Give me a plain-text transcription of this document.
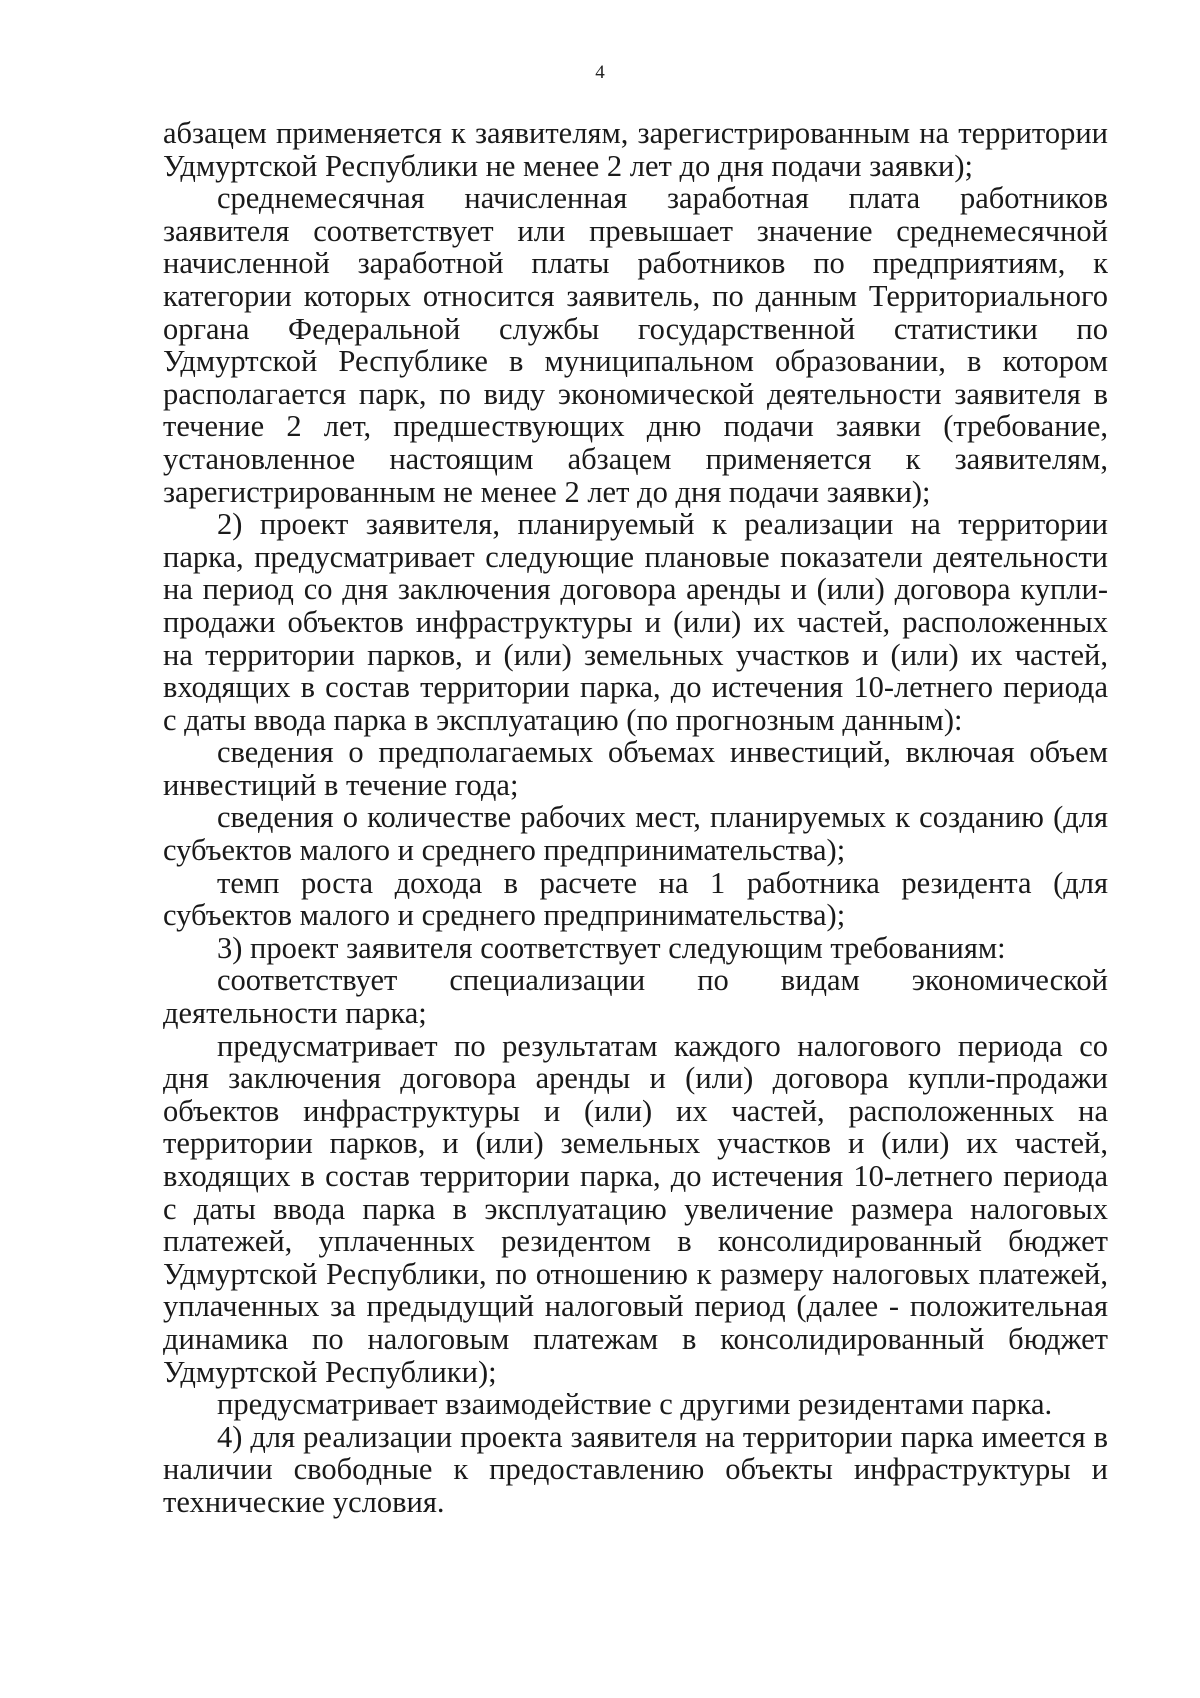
4

абзацем применяется к заявителям, зарегистрированным на территории Удмуртской Республики не менее 2 лет до дня подачи заявки);

среднемесячная начисленная заработная плата работников заявителя соответствует или превышает значение среднемесячной начисленной заработной платы работников по предприятиям, к категории которых относится заявитель, по данным Территориального органа Федеральной службы государственной статистики по Удмуртской Республике в муниципальном образовании, в котором располагается парк, по виду экономической деятельности заявителя в течение 2 лет, предшествующих дню подачи заявки (требование, установленное настоящим абзацем применяется к заявителям, зарегистрированным не менее 2 лет до дня подачи заявки);

2) проект заявителя, планируемый к реализации на территории парка, предусматривает следующие плановые показатели деятельности на период со дня заключения договора аренды и (или) договора купли-продажи объектов инфраструктуры и (или) их частей, расположенных на территории парков, и (или) земельных участков и (или) их частей, входящих в состав территории парка, до истечения 10-летнего периода с даты ввода парка в эксплуатацию (по прогнозным данным):

сведения о предполагаемых объемах инвестиций, включая объем инвестиций в течение года;

сведения о количестве рабочих мест, планируемых к созданию (для субъектов малого и среднего предпринимательства);

темп роста дохода в расчете на 1 работника резидента (для субъектов малого и среднего предпринимательства);

3) проект заявителя соответствует следующим требованиям:

соответствует специализации по видам экономической деятельности парка;

предусматривает по результатам каждого налогового периода со дня заключения договора аренды и (или) договора купли-продажи объектов инфраструктуры и (или) их частей, расположенных на территории парков, и (или) земельных участков и (или) их частей, входящих в состав территории парка, до истечения 10-летнего периода с даты ввода парка в эксплуатацию увеличение размера налоговых платежей, уплаченных резидентом в консолидированный бюджет Удмуртской Республики, по отношению к размеру налоговых платежей, уплаченных за предыдущий налоговый период (далее - положительная динамика по налоговым платежам в консолидированный бюджет Удмуртской Республики);

предусматривает взаимодействие с другими резидентами парка.

4) для реализации проекта заявителя на территории парка имеется в наличии свободные к предоставлению объекты инфраструктуры и технические условия.
